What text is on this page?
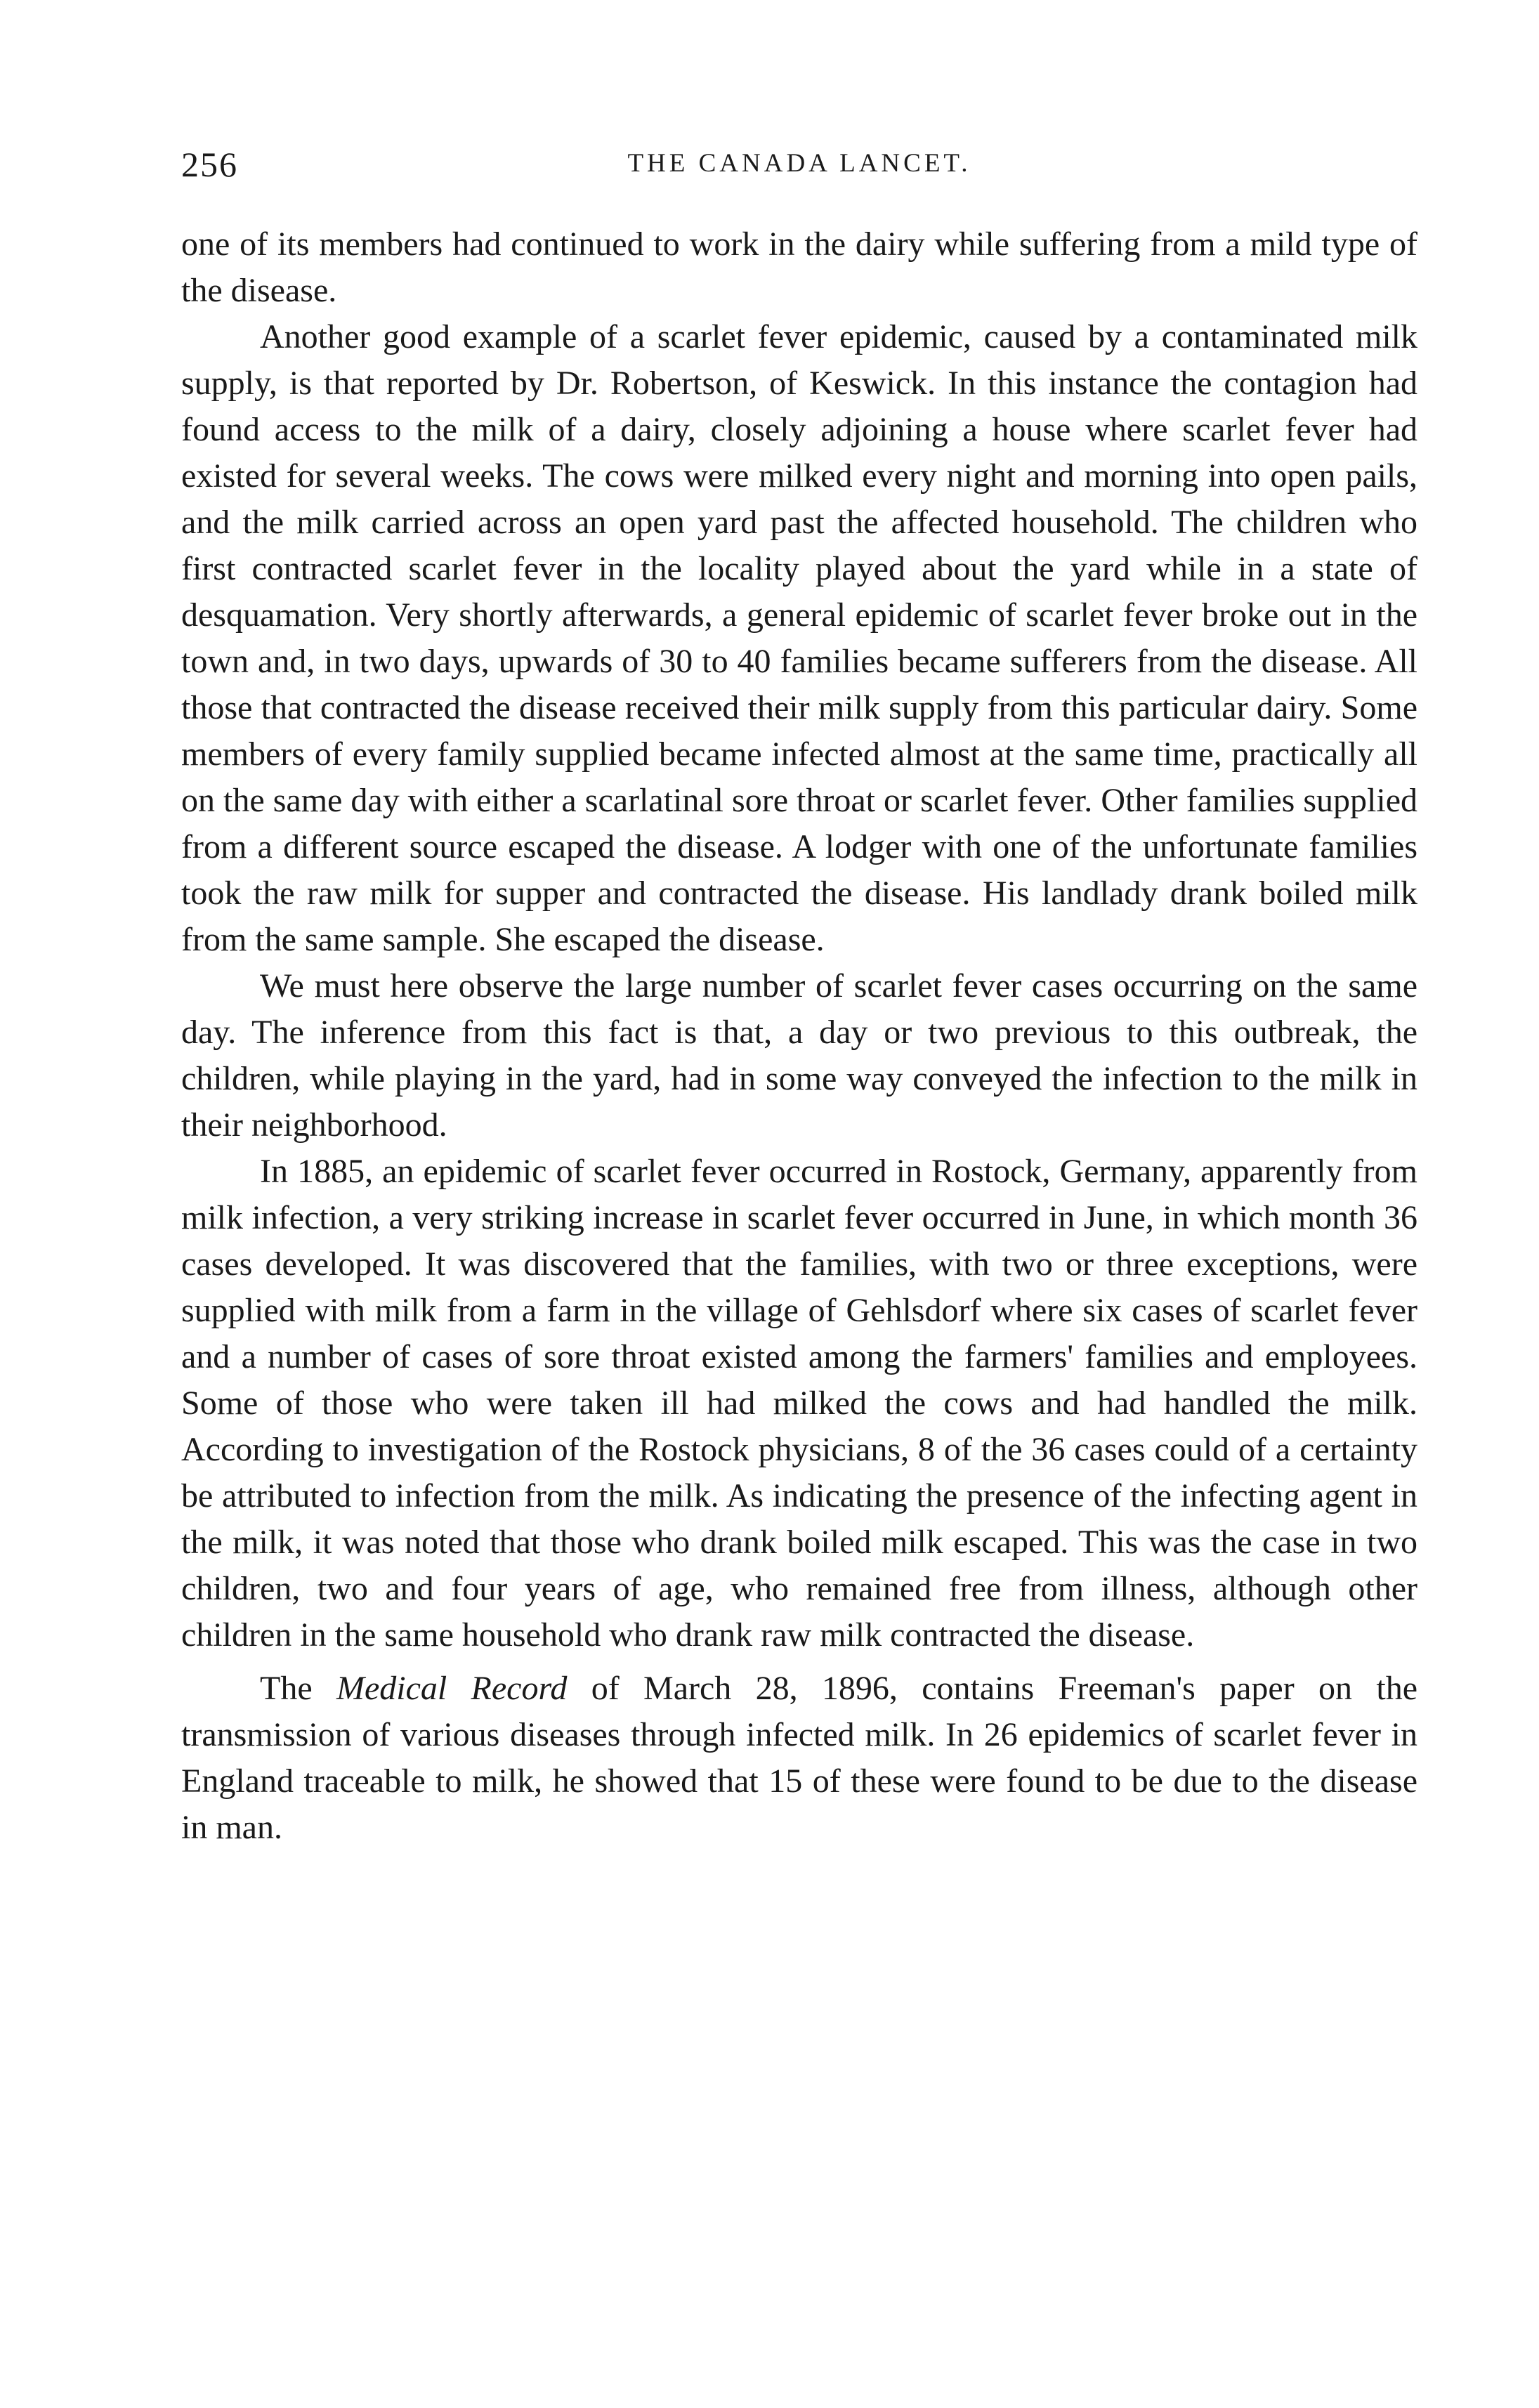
256	THE CANADA LANCET.

one of its members had continued to work in the dairy while suffering from a mild type of the disease.

Another good example of a scarlet fever epidemic, caused by a contaminated milk supply, is that reported by Dr. Robertson, of Keswick. In this instance the contagion had found access to the milk of a dairy, closely adjoining a house where scarlet fever had existed for several weeks. The cows were milked every night and morning into open pails, and the milk carried across an open yard past the affected household. The children who first contracted scarlet fever in the locality played about the yard while in a state of desquamation. Very shortly afterwards, a general epidemic of scarlet fever broke out in the town and, in two days, upwards of 30 to 40 families became sufferers from the disease. All those that contracted the disease received their milk supply from this particular dairy. Some members of every family supplied became infected almost at the same time, practically all on the same day with either a scarlatinal sore throat or scarlet fever. Other families supplied from a different source escaped the disease. A lodger with one of the unfortunate families took the raw milk for supper and contracted the disease. His landlady drank boiled milk from the same sample. She escaped the disease.

We must here observe the large number of scarlet fever cases occurring on the same day. The inference from this fact is that, a day or two previous to this outbreak, the children, while playing in the yard, had in some way conveyed the infection to the milk in their neighborhood.

In 1885, an epidemic of scarlet fever occurred in Rostock, Germany, apparently from milk infection, a very striking increase in scarlet fever occurred in June, in which month 36 cases developed. It was discovered that the families, with two or three exceptions, were supplied with milk from a farm in the village of Gehlsdorf where six cases of scarlet fever and a number of cases of sore throat existed among the farmers' families and employees. Some of those who were taken ill had milked the cows and had handled the milk. According to investigation of the Rostock physicians, 8 of the 36 cases could of a certainty be attributed to infection from the milk. As indicating the presence of the infecting agent in the milk, it was noted that those who drank boiled milk escaped. This was the case in two children, two and four years of age, who remained free from illness, although other children in the same household who drank raw milk contracted the disease.

The Medical Record of March 28, 1896, contains Freeman's paper on the transmission of various diseases through infected milk. In 26 epidemics of scarlet fever in England traceable to milk, he showed that 15 of these were found to be due to the disease in man.
